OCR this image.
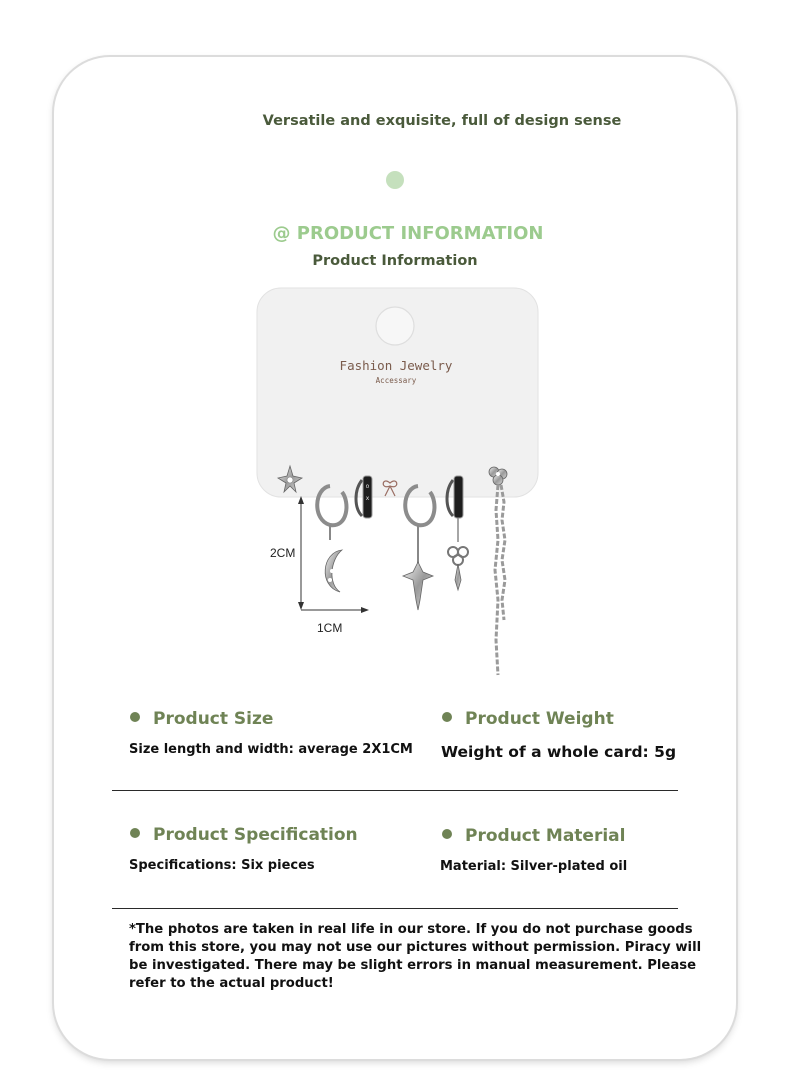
Versatile and exquisite, full of design sense
@ PRODUCT INFORMATION
Product Information
Fashion Jewelry
Accessary
o
x
2CM
1CM
Product Size
Size length and width: average 2X1CM
Product Weight
Weight of a whole card: 5g
Product Specification
Specifications: Six pieces
Product Material
Material: Silver-plated oil
*The photos are taken in real life in our store. If you do not purchase goods from this store, you may not use our pictures without permission. Piracy will be investigated. There may be slight errors in manual measurement. Please refer to the actual product!
